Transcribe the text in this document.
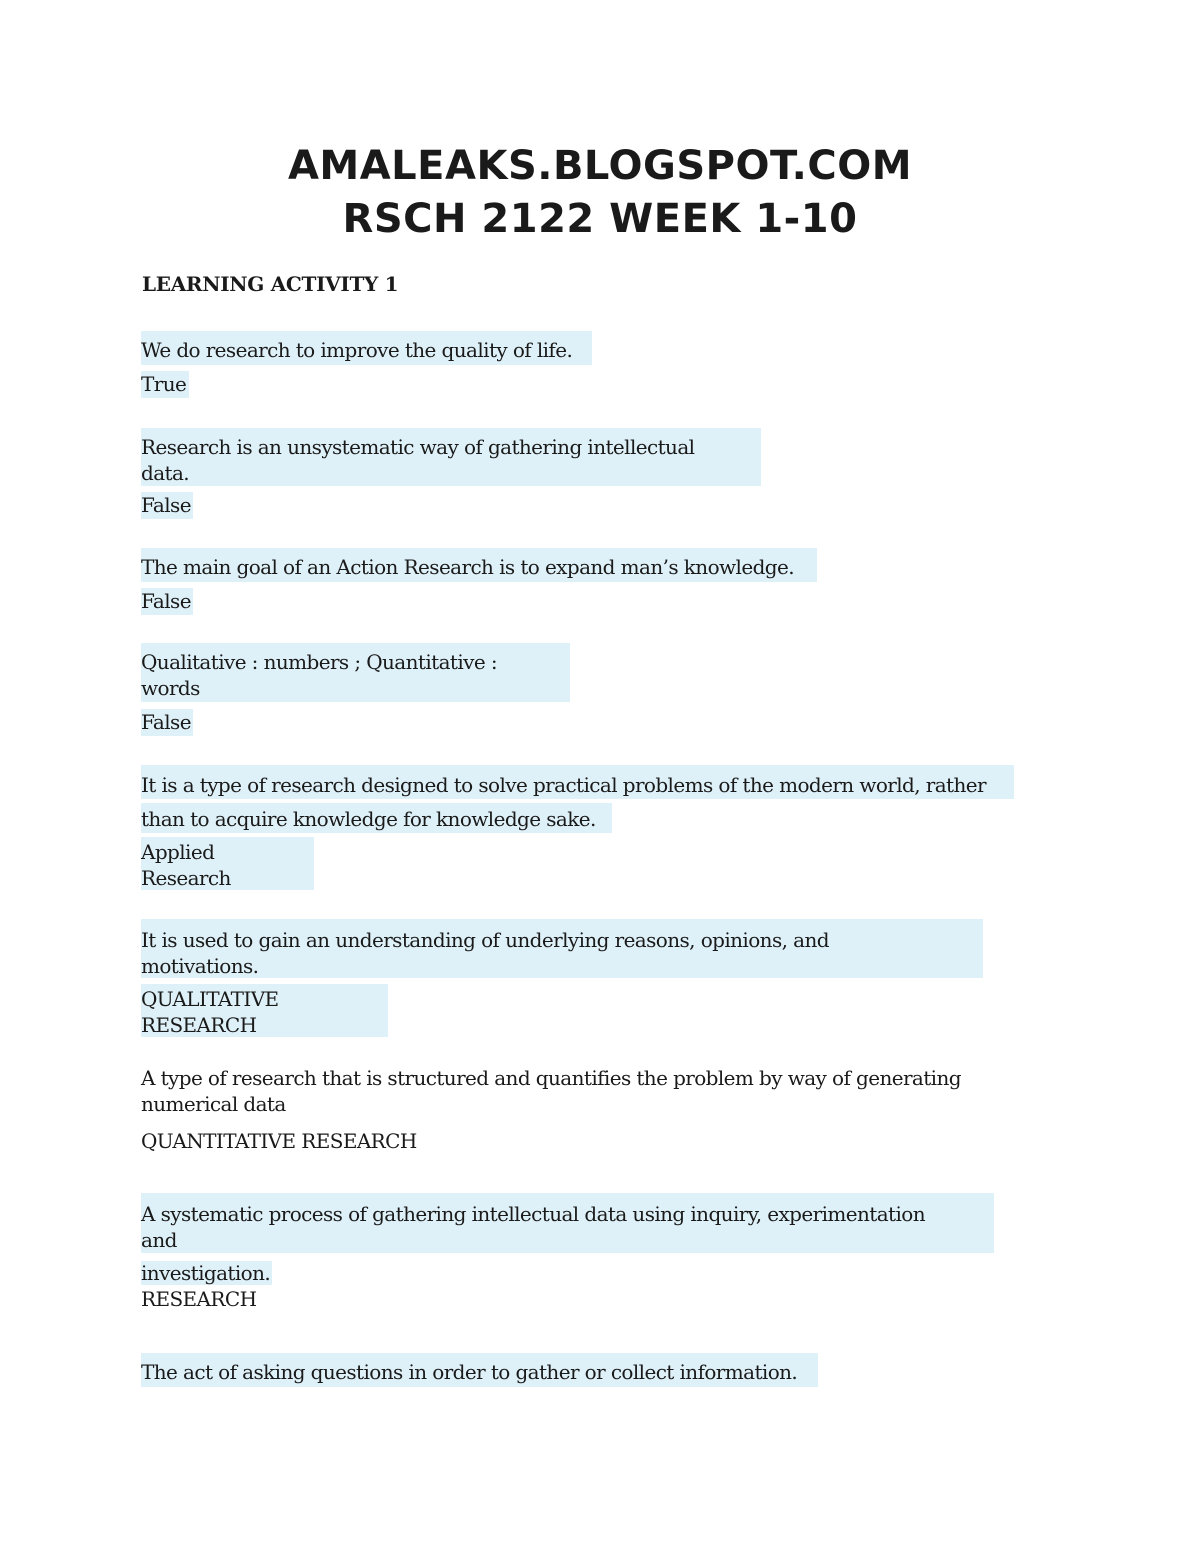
AMALEAKS.BLOGSPOT.COM
RSCH 2122 WEEK 1-10
LEARNING ACTIVITY 1
We do research to improve the quality of life.
True
Research is an unsystematic way of gathering intellectual
data.
False
The main goal of an Action Research is to expand man’s knowledge.
False
Qualitative : numbers ; Quantitative :
words
False
It is a type of research designed to solve practical problems of the modern world, rather
than to acquire knowledge for knowledge sake.
Applied
Research
It is used to gain an understanding of underlying reasons, opinions, and
motivations.
QUALITATIVE
RESEARCH
A type of research that is structured and quantifies the problem by way of generating
numerical data
QUANTITATIVE RESEARCH
A systematic process of gathering intellectual data using inquiry, experimentation
and
investigation.
RESEARCH
The act of asking questions in order to gather or collect information.
